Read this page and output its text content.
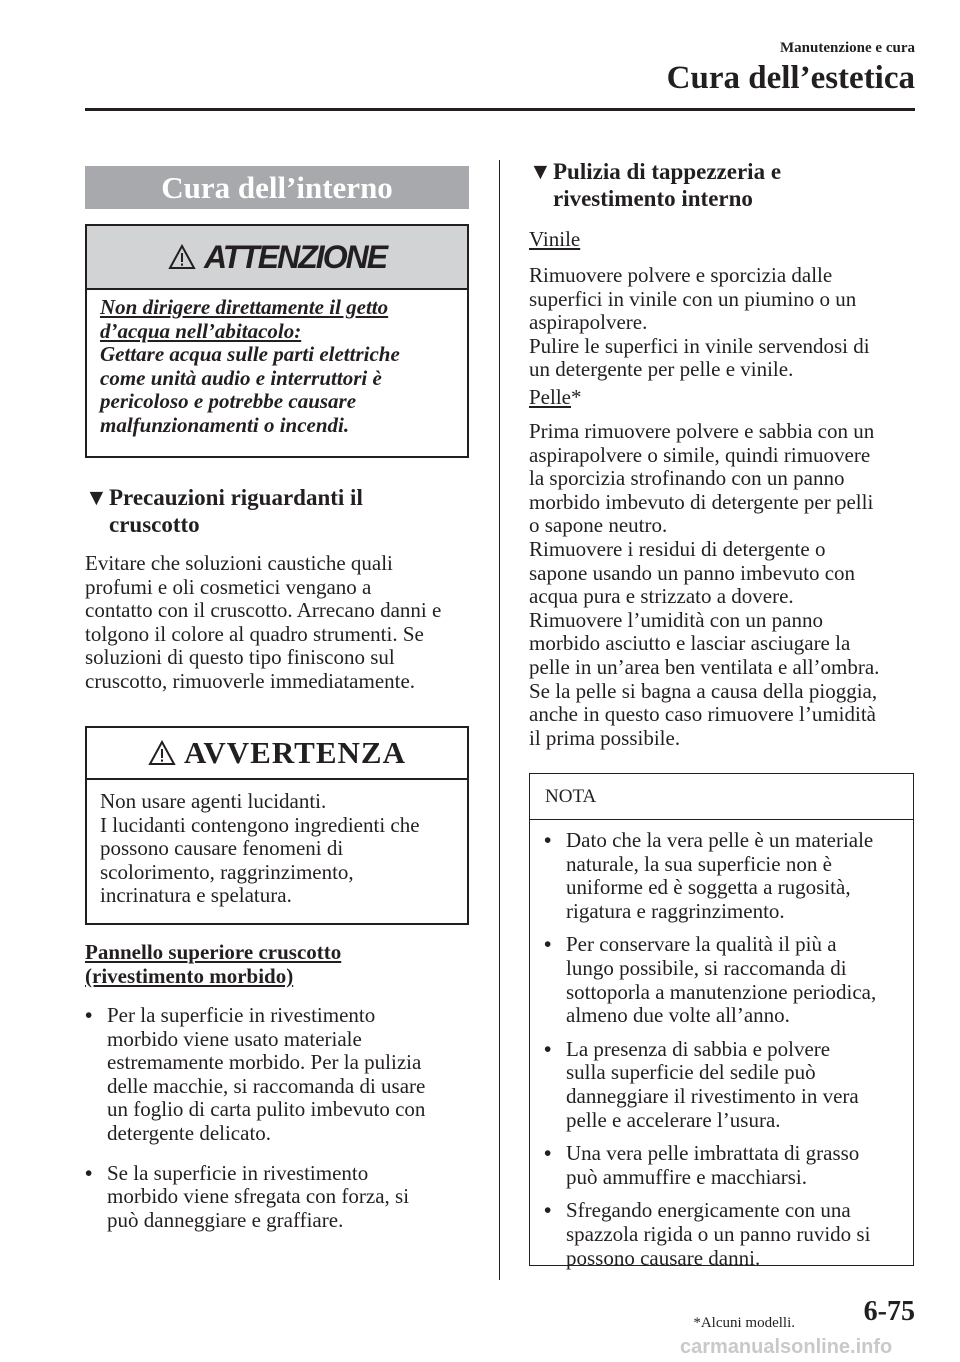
Manutenzione e cura
Cura dell’estetica
Cura dell’interno
ATTENZIONE
Non dirigere direttamente il getto
d’acqua nell’abitacolo:
Gettare acqua sulle parti elettriche
come unità audio e interruttori è
pericoloso e potrebbe causare
malfunzionamenti o incendi.
▼ Precauzioni riguardanti il
cruscotto
Evitare che soluzioni caustiche quali
profumi e oli cosmetici vengano a
contatto con il cruscotto. Arrecano danni e
tolgono il colore al quadro strumenti. Se
soluzioni di questo tipo finiscono sul
cruscotto, rimuoverle immediatamente.
AVVERTENZA
Non usare agenti lucidanti.
I lucidanti contengono ingredienti che
possono causare fenomeni di
scolorimento, raggrinzimento,
incrinatura e spelatura.
Pannello superiore cruscotto
(rivestimento morbido)
• Per la superficie in rivestimento
morbido viene usato materiale
estremamente morbido. Per la pulizia
delle macchie, si raccomanda di usare
un foglio di carta pulito imbevuto con
detergente delicato.
• Se la superficie in rivestimento
morbido viene sfregata con forza, si
può danneggiare e graffiare.
▼ Pulizia di tappezzeria e
rivestimento interno
Vinile
Rimuovere polvere e sporcizia dalle
superfici in vinile con un piumino o un
aspirapolvere.
Pulire le superfici in vinile servendosi di
un detergente per pelle e vinile.
Pelle*
Prima rimuovere polvere e sabbia con un
aspirapolvere o simile, quindi rimuovere
la sporcizia strofinando con un panno
morbido imbevuto di detergente per pelli
o sapone neutro.
Rimuovere i residui di detergente o
sapone usando un panno imbevuto con
acqua pura e strizzato a dovere.
Rimuovere l’umidità con un panno
morbido asciutto e lasciar asciugare la
pelle in un’area ben ventilata e all’ombra.
Se la pelle si bagna a causa della pioggia,
anche in questo caso rimuovere l’umidità
il prima possibile.
NOTA
• Dato che la vera pelle è un materiale
naturale, la sua superficie non è
uniforme ed è soggetta a rugosità,
rigatura e raggrinzimento.
• Per conservare la qualità il più a
lungo possibile, si raccomanda di
sottoporla a manutenzione periodica,
almeno due volte all’anno.
• La presenza di sabbia e polvere
sulla superficie del sedile può
danneggiare il rivestimento in vera
pelle e accelerare l’usura.
• Una vera pelle imbrattata di grasso
può ammuffire e macchiarsi.
• Sfregando energicamente con una
spazzola rigida o un panno ruvido si
possono causare danni.
*Alcuni modelli. 6-75
carmanualsonline.info
